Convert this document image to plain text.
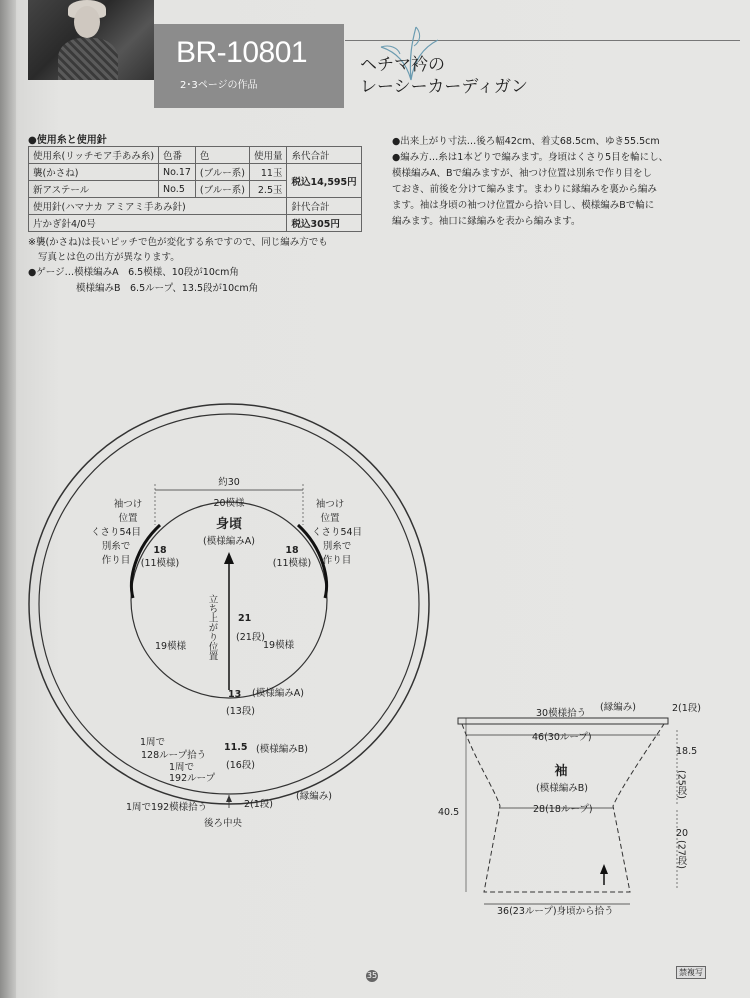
BR-10801
2･3ページの作品
ヘチマ衿の
レーシーカーディガン
●使用糸と使用針
使用糸(リッチモア手あみ糸)	色番	色	使用量	糸代合計
襲(かさね)	No.17	(ブルー系)	11玉	税込14,595円
新アステール	No.5	(ブルー系)	2.5玉	
使用針(ハマナカ アミアミ手あみ針)				針代合計
片かぎ針4/0号				税込305円
※襲(かさね)は長いピッチで色が変化する糸ですので、同じ編み方でも
写真とは色の出方が異なります。
●ゲージ…模様編みA　6.5模様、10段が10cm角
模様編みB　6.5ループ、13.5段が10cm角
●出来上がり寸法…後ろ幅42cm、着丈68.5cm、ゆき55.5cm
●編み方…糸は1本どりで編みます。身頃はくさり5目を輪にし、
模様編みA、Bで編みますが、袖つけ位置は別糸で作り目をし
ておき、前後を分けて編みます。まわりに縁編みを裏から編み
ます。袖は身頃の袖つけ位置から拾い目し、模様編みBで輪に
編みます。袖口に縁編みを表から編みます。
約30
20模様
身頃
(模様編みA)
袖つけ
位置
くさり54目
別糸で
作り目
袖つけ
位置
くさり54目
別糸で
作り目
18
(11模様)
18
(11模様)
立ち上がり位置 21
(21段)
19模様	19模様
13
(13段)
(模様編みA)
11.5
(16段)
(模様編みB)
1周で
128ループ拾う
1周で
192ループ
1周で192模様拾う	2(1段)
(縁編み)
後ろ中央
30模様拾う
(縁編み)	2(1段)
46(30ループ)
袖
(模様編みB)
28(18ループ)
40.5
18.5
(25段)
20
(27段)
36(23ループ)身頃から拾う
35	禁複写
